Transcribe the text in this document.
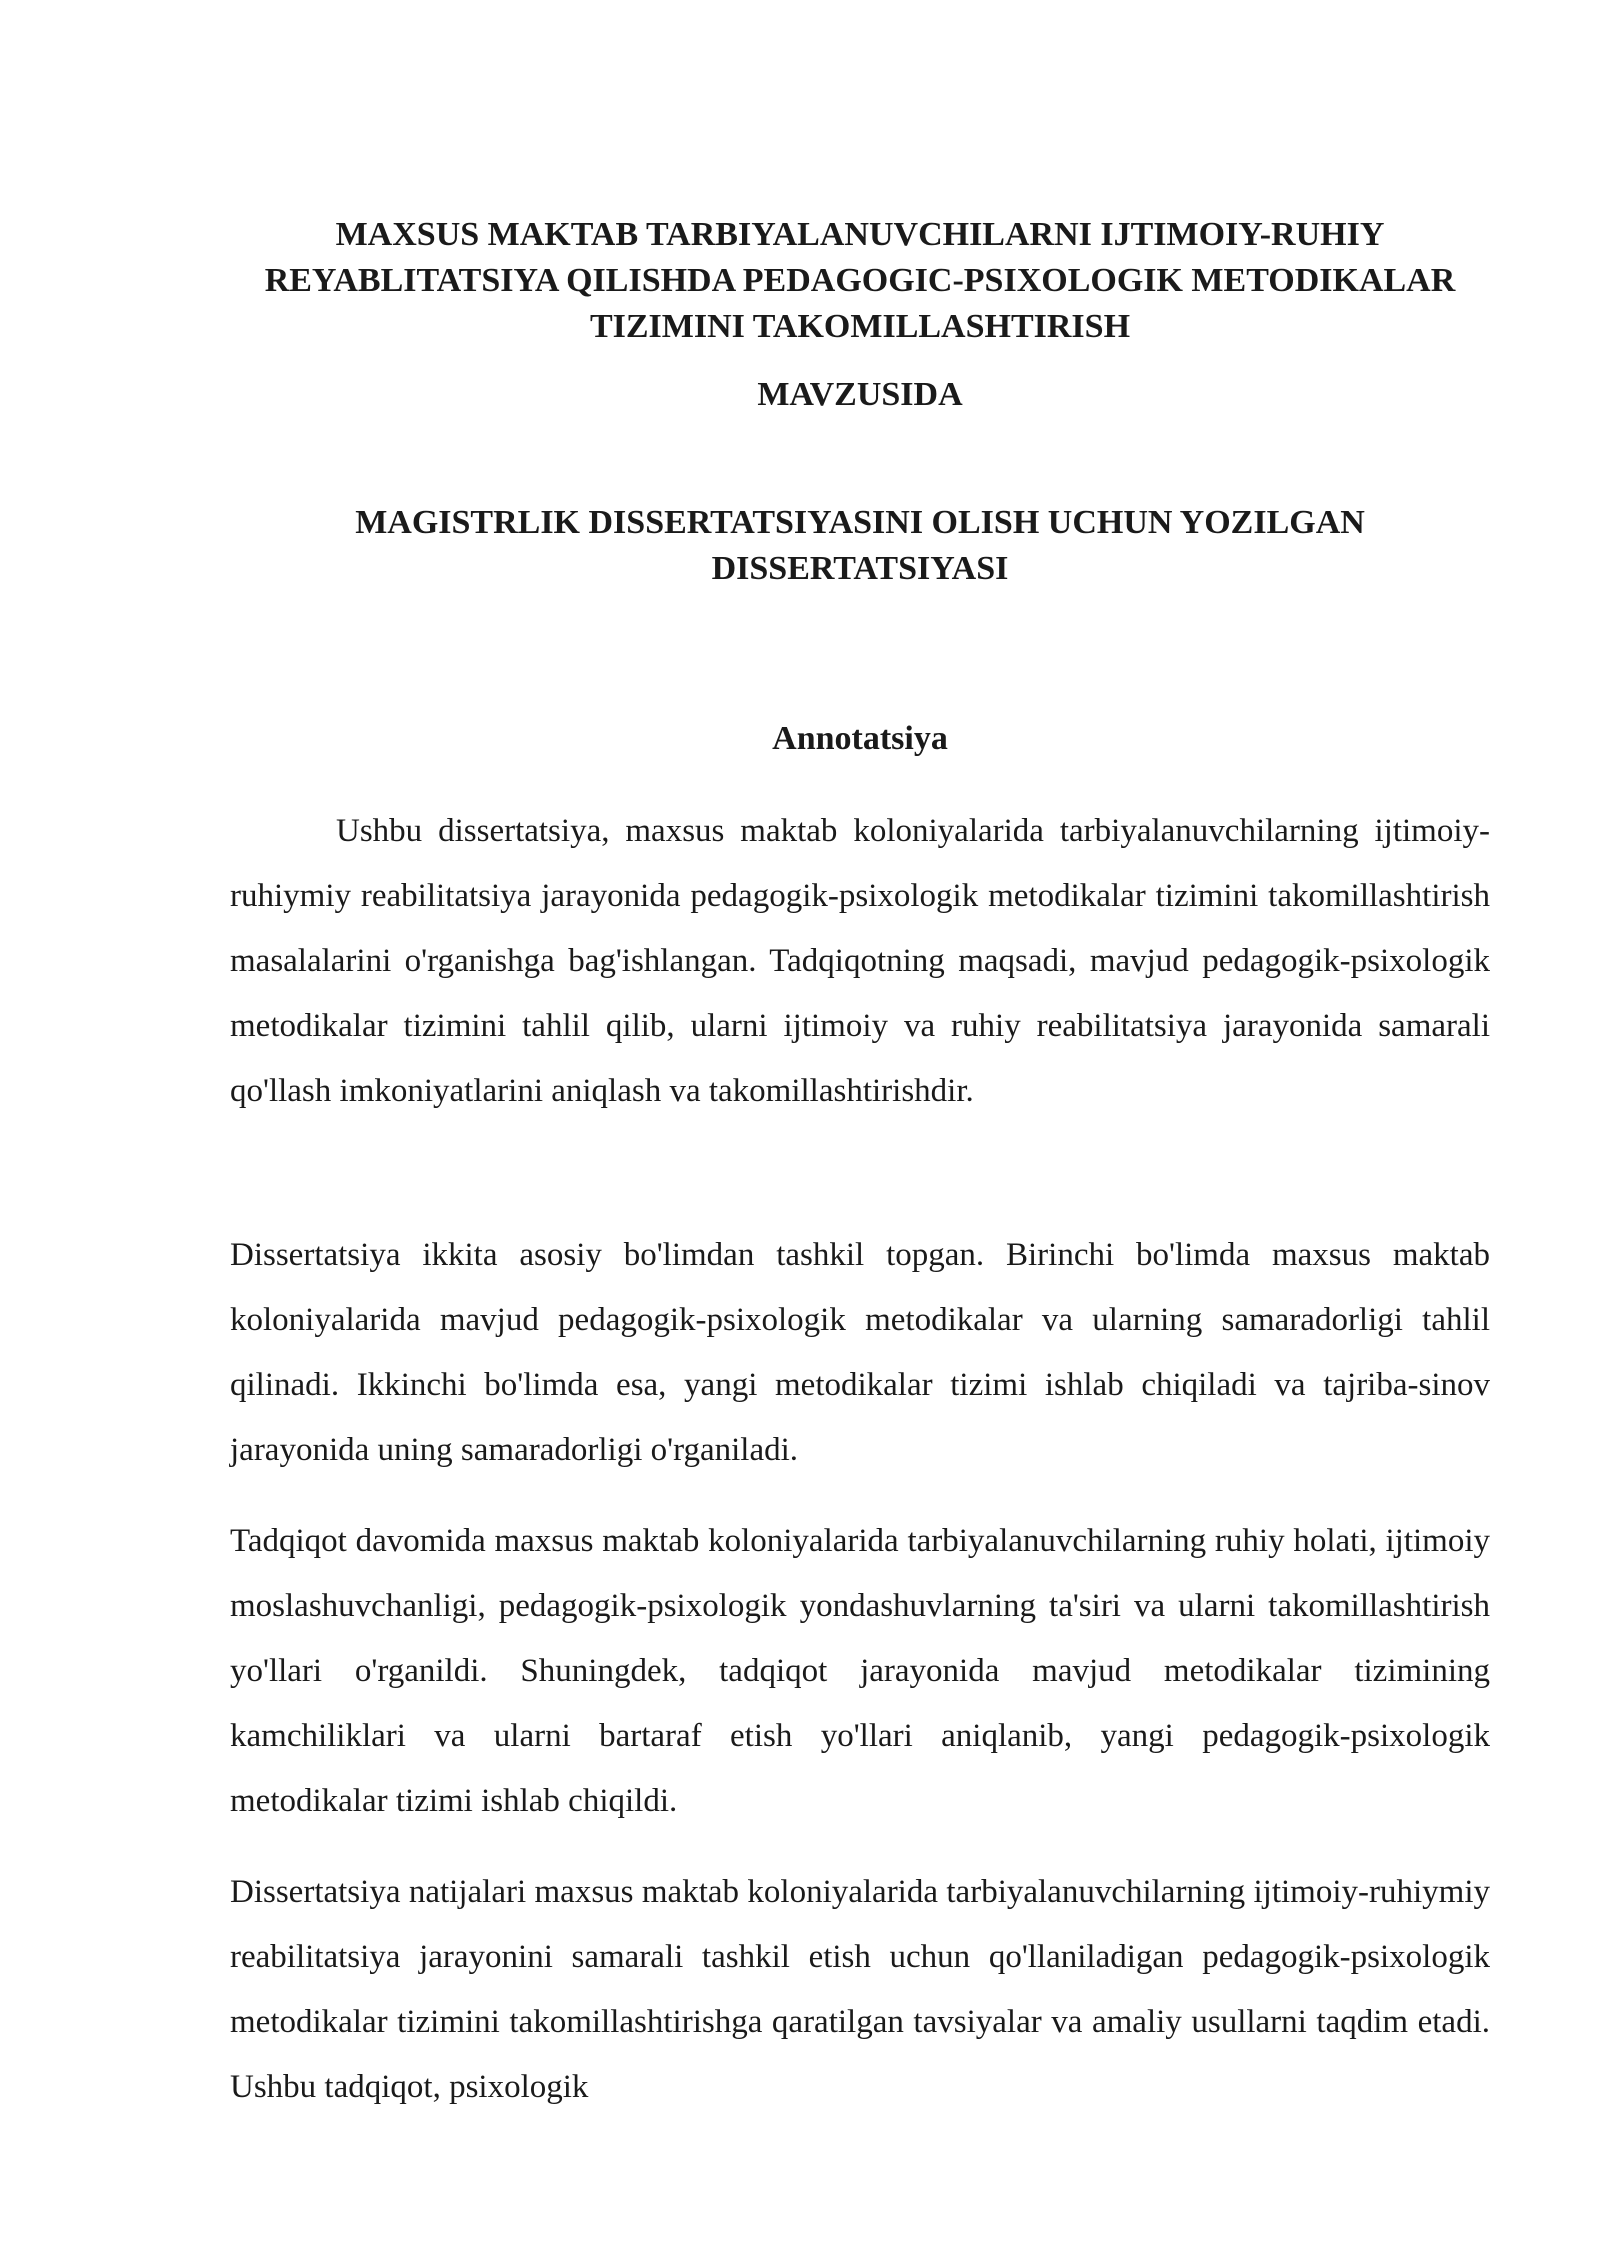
MAXSUS MAKTAB TARBIYALANUVCHILARNI IJTIMOIY-RUHIY REYABLITATSIYA QILISHDA PEDAGOGIC-PSIXOLOGIK METODIKALAR TIZIMINI TAKOMILLASHTIRISH
MAVZUSIDA
MAGISTRLIK DISSERTATSIYASINI OLISH UCHUN YOZILGAN DISSERTATSIYASI
Annotatsiya

Ushbu dissertatsiya, maxsus maktab koloniyalarida tarbiyalanuvchilarning ijtimoiy-ruhiymiy reabilitatsiya jarayonida pedagogik-psixologik metodikalar tizimini takomillashtirish masalalarini o'rganishga bag'ishlangan. Tadqiqotning maqsadi, mavjud pedagogik-psixologik metodikalar tizimini tahlil qilib, ularni ijtimoiy va ruhiy reabilitatsiya jarayonida samarali qo'llash imkoniyatlarini aniqlash va takomillashtirishdir.

Dissertatsiya ikkita asosiy bo'limdan tashkil topgan. Birinchi bo'limda maxsus maktab koloniyalarida mavjud pedagogik-psixologik metodikalar va ularning samaradorligi tahlil qilinadi. Ikkinchi bo'limda esa, yangi metodikalar tizimi ishlab chiqiladi va tajriba-sinov jarayonida uning samaradorligi o'rganiladi.

Tadqiqot davomida maxsus maktab koloniyalarida tarbiyalanuvchilarning ruhiy holati, ijtimoiy moslashuvchanligi, pedagogik-psixologik yondashuvlarning ta'siri va ularni takomillashtirish yo'llari o'rganildi. Shuningdek, tadqiqot jarayonida mavjud metodikalar tizimining kamchiliklari va ularni bartaraf etish yo'llari aniqlanib, yangi pedagogik-psixologik metodikalar tizimi ishlab chiqildi.

Dissertatsiya natijalari maxsus maktab koloniyalarida tarbiyalanuvchilarning ijtimoiy-ruhiymiy reabilitatsiya jarayonini samarali tashkil etish uchun qo'llaniladigan pedagogik-psixologik metodikalar tizimini takomillashtirishga qaratilgan tavsiyalar va amaliy usullarni taqdim etadi. Ushbu tadqiqot, psixologik
